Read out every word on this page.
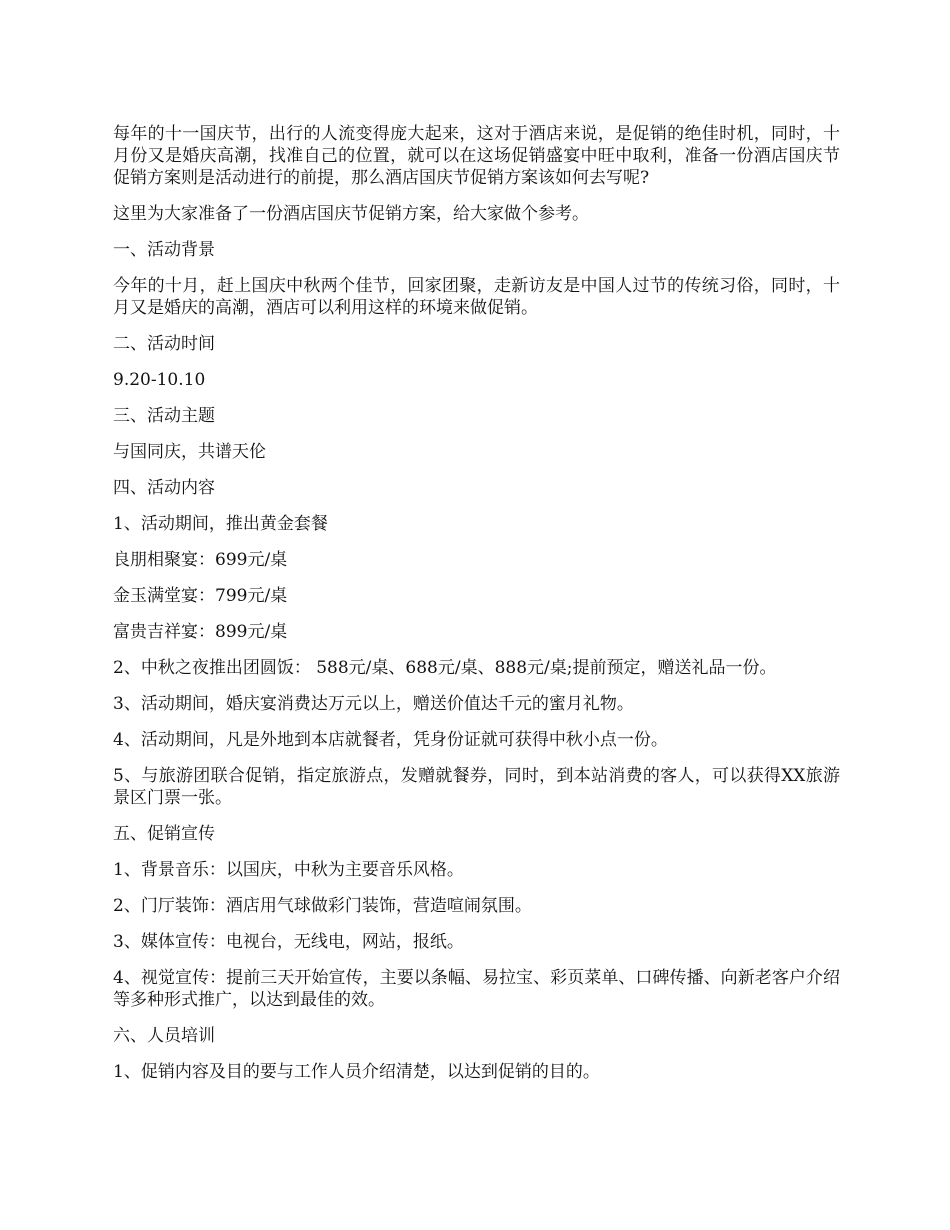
每年的十一国庆节，出行的人流变得庞大起来，这对于酒店来说，是促销的绝佳时机，同时，十月份又是婚庆高潮，找准自己的位置，就可以在这场促销盛宴中旺中取利，准备一份酒店国庆节促销方案则是活动进行的前提，那么酒店国庆节促销方案该如何去写呢?

这里为大家准备了一份酒店国庆节促销方案，给大家做个参考。

一、活动背景

今年的十月，赶上国庆中秋两个佳节，回家团聚，走新访友是中国人过节的传统习俗，同时，十月又是婚庆的高潮，酒店可以利用这样的环境来做促销。

二、活动时间

9.20-10.10

三、活动主题

与国同庆，共谱天伦

四、活动内容

1、活动期间，推出黄金套餐

良朋相聚宴：699元/桌

金玉满堂宴：799元/桌

富贵吉祥宴：899元/桌

2、中秋之夜推出团圆饭： 588元/桌、688元/桌、888元/桌;提前预定，赠送礼品一份。

3、活动期间，婚庆宴消费达万元以上，赠送价值达千元的蜜月礼物。

4、活动期间，凡是外地到本店就餐者，凭身份证就可获得中秋小点一份。

5、与旅游团联合促销，指定旅游点，发赠就餐券，同时，到本站消费的客人，可以获得XX旅游景区门票一张。

五、促销宣传

1、背景音乐：以国庆，中秋为主要音乐风格。

2、门厅装饰：酒店用气球做彩门装饰，营造喧闹氛围。

3、媒体宣传：电视台，无线电，网站，报纸。

4、视觉宣传：提前三天开始宣传，主要以条幅、易拉宝、彩页菜单、口碑传播、向新老客户介绍等多种形式推广，以达到最佳的效。

六、人员培训

1、促销内容及目的要与工作人员介绍清楚，以达到促销的目的。
